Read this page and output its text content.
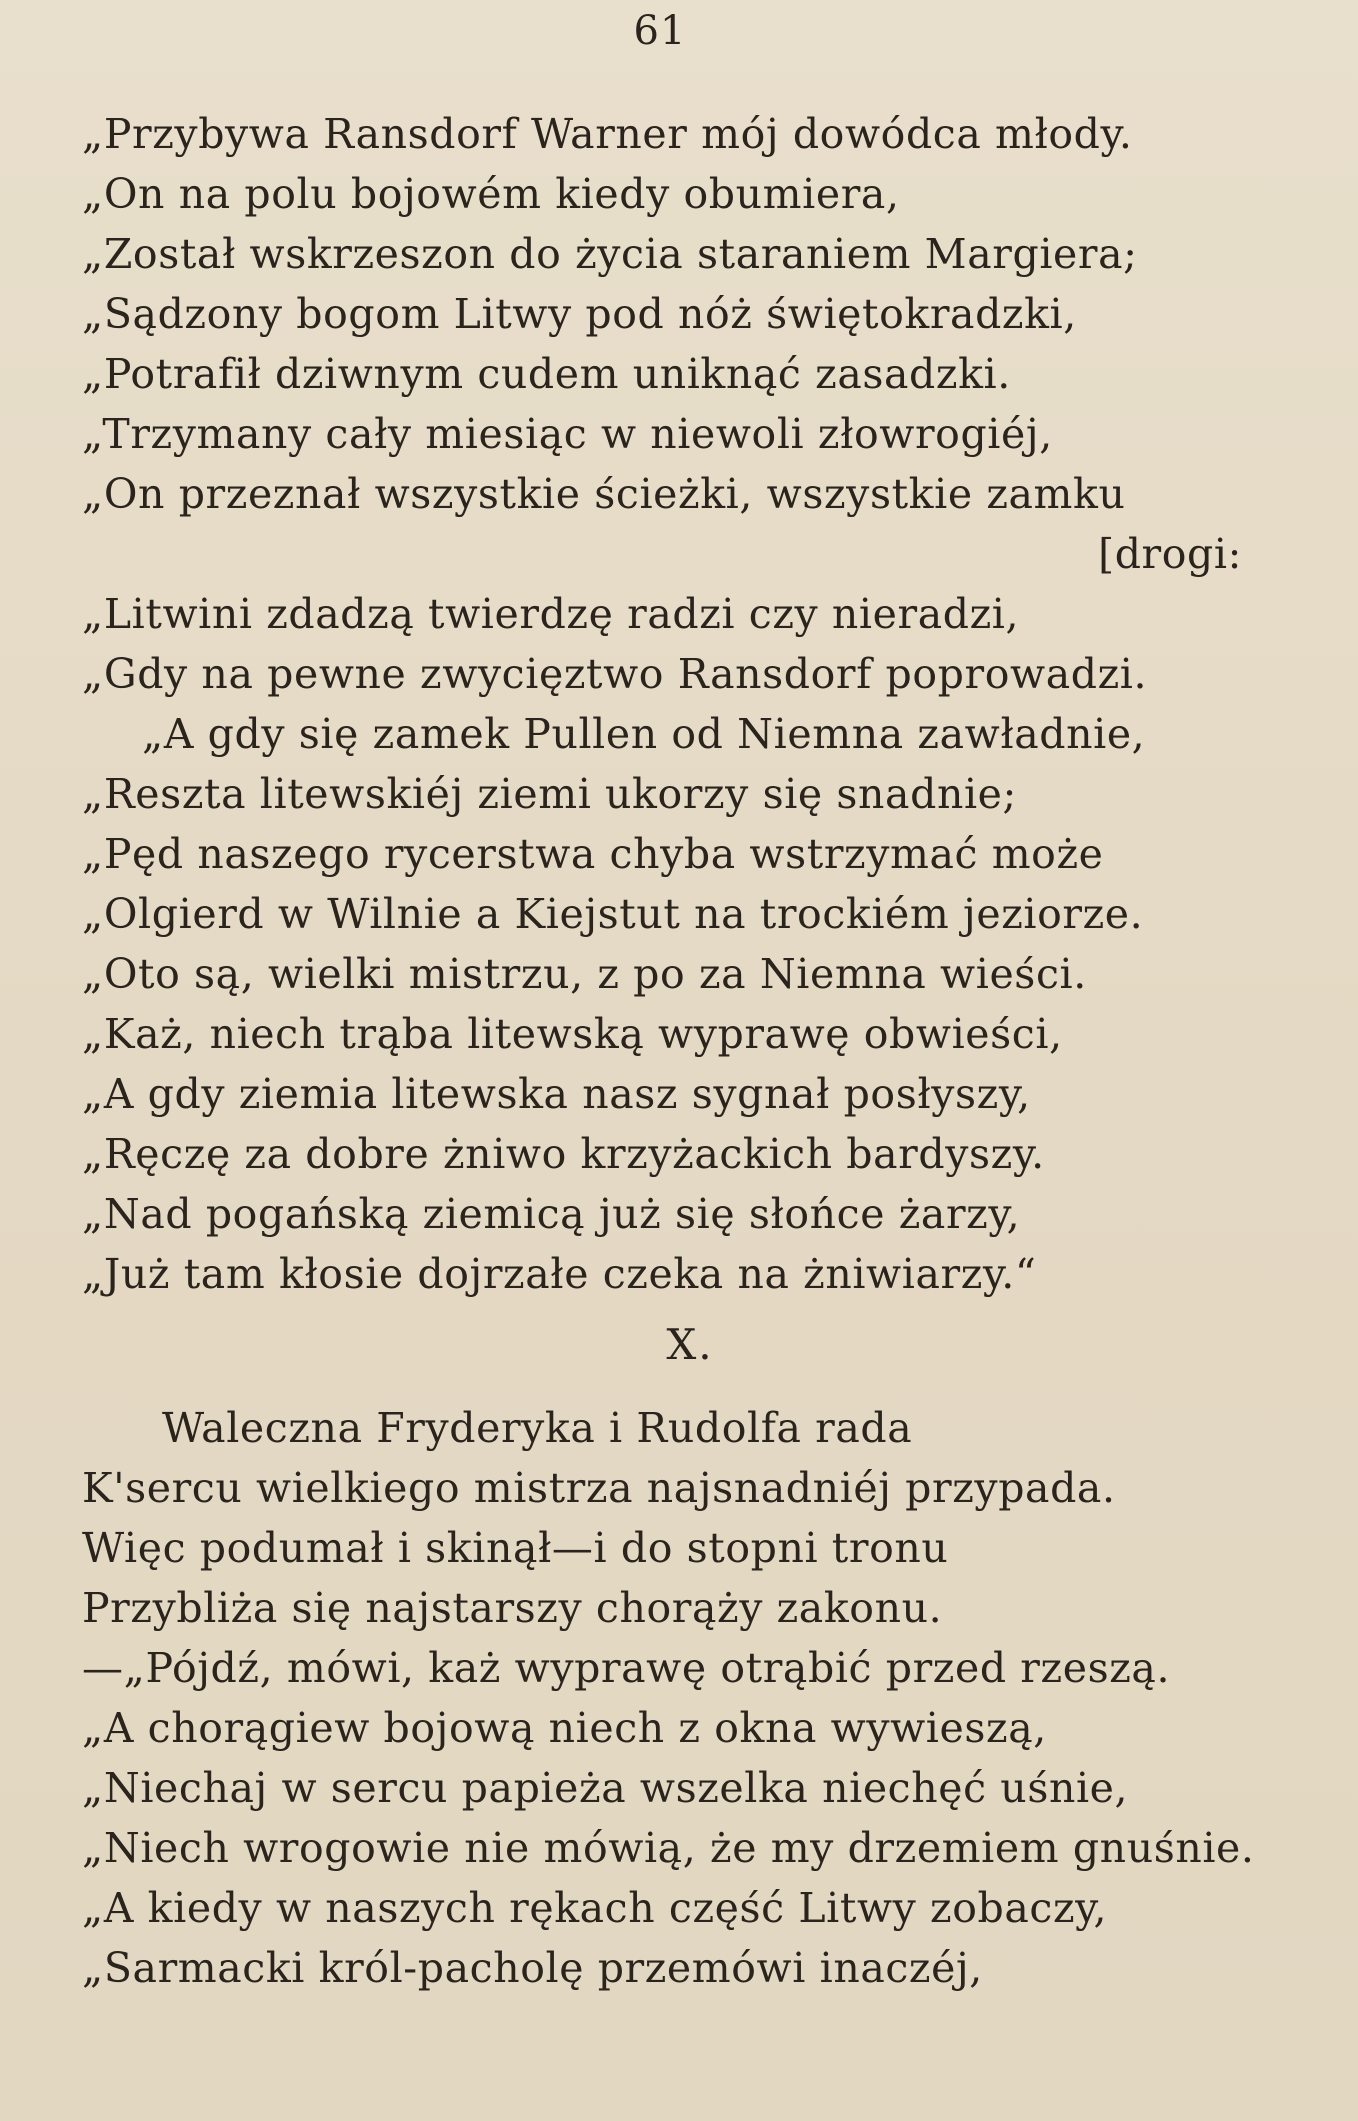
61
„Przybywa Ransdorf Warner mój dowódca młody.
„On na polu bojowém kiedy obumiera,
„Został wskrzeszon do życia staraniem Margiera;
„Sądzony bogom Litwy pod nóż świętokradzki,
„Potrafił dziwnym cudem uniknąć zasadzki.
„Trzymany cały miesiąc w niewoli złowrogiéj,
„On przeznał wszystkie ścieżki, wszystkie zamku
[drogi:
„Litwini zdadzą twierdzę radzi czy nieradzi,
„Gdy na pewne zwycięztwo Ransdorf poprowadzi.
„A gdy się zamek Pullen od Niemna zawładnie,
„Reszta litewskiéj ziemi ukorzy się snadnie;
„Pęd naszego rycerstwa chyba wstrzymać może
„Olgierd w Wilnie a Kiejstut na trockiém jeziorze.
„Oto są, wielki mistrzu, z po za Niemna wieści.
„Każ, niech trąba litewską wyprawę obwieści,
„A gdy ziemia litewska nasz sygnał posłyszy,
„Ręczę za dobre żniwo krzyżackich bardyszy.
„Nad pogańską ziemicą już się słońce żarzy,
„Już tam kłosie dojrzałe czeka na żniwiarzy.“
X.
Waleczna Fryderyka i Rudolfa rada
K'sercu wielkiego mistrza najsnadniéj przypada.
Więc podumał i skinął—i do stopni tronu
Przybliża się najstarszy chorąży zakonu.
—„Pójdź, mówi, każ wyprawę otrąbić przed rzeszą.
„A chorągiew bojową niech z okna wywieszą,
„Niechaj w sercu papieża wszelka niechęć uśnie,
„Niech wrogowie nie mówią, że my drzemiem gnuśnie.
„A kiedy w naszych rękach część Litwy zobaczy,
„Sarmacki król-pacholę przemówi inaczéj,
